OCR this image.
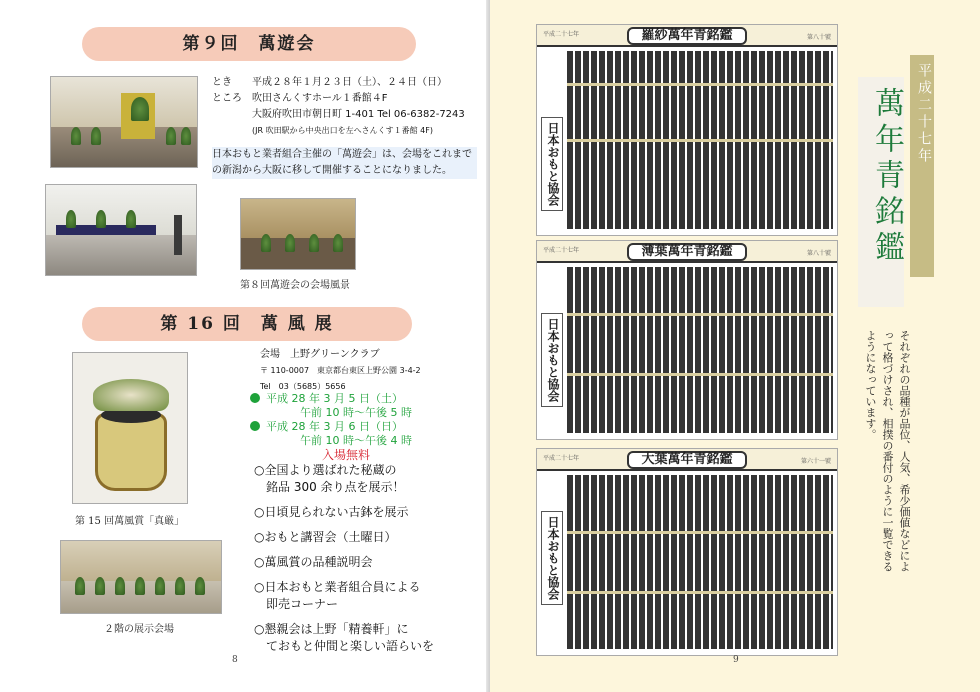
第９回　萬遊会
とき　　 平成２８年１月２３日（土）、２４日（日）
ところ　 吹田さんくすホール１番館４F
大阪府吹田市朝日町 1-401 Tel 06-6382-7243
(JR 吹田駅から中央出口を左へさんくす１番館 4F)
日本おもと業者組合主催の「萬遊会」は、会場をこれまで
の新潟から大阪に移して開催することになりました。
第８回萬遊会の会場風景
第 16 回　萬 風 展
第 15 回萬風賞「真厳」
２階の展示会場
会場　上野グリーンクラブ
〒 110-0007　東京都台東区上野公園 3-4-2
Tel　03（5685）5656
平成 28 年 3 月 5 日（土）
午前 10 時～午後 5 時
平成 28 年 3 月 6 日（日）
午前 10 時～午後 4 時
入場無料
○全国より選ばれた秘蔵の
　銘品 300 余り点を展示！
○日頃見られない古鉢を展示
○おもと講習会（土曜日）
○萬風賞の品種説明会
○日本おもと業者組合員による
　即売コーナー
○懇親会は上野「精養軒」に
　ておもと仲間と楽しい語らいを
8
平成二十七年	羅紗萬年青銘鑑	第八十號
日本おもと協会
平成二十七年	薄葉萬年青銘鑑	第八十號
日本おもと協会
平成二十七年	大葉萬年青銘鑑	第六十一號
日本おもと協会
平成二十七年
萬年青銘鑑
それぞれの品種が品位、人気、希少価値などによって格づけされ、相撲の番付のように一覧できるようになっています。
9
